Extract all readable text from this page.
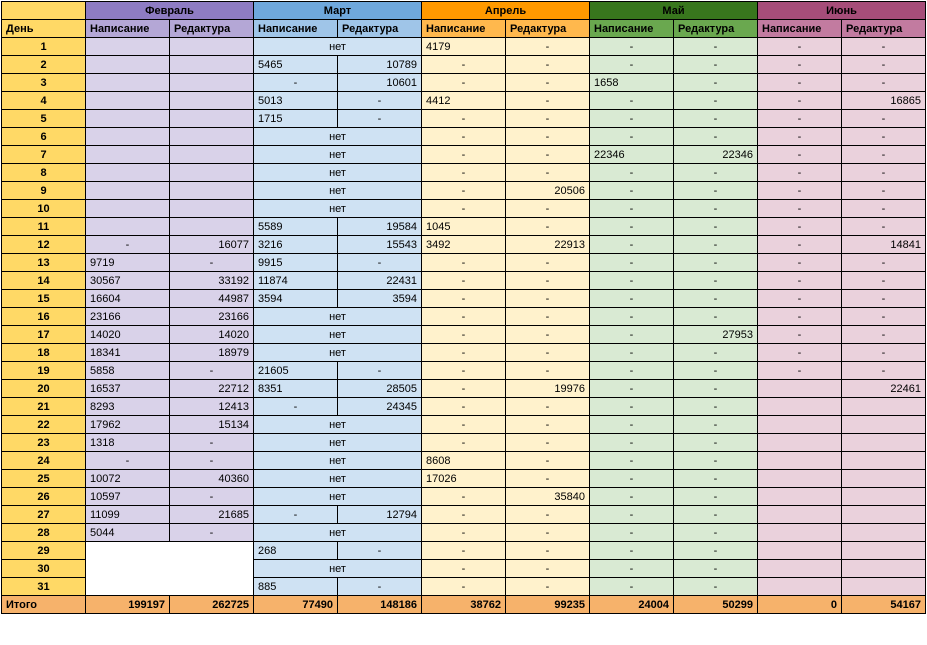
	Февраль		Март		Апрель		Май		Июнь	
День	Написание	Редактура	Написание	Редактура	Написание	Редактура	Написание	Редактура	Написание	Редактура
1			нет		4179	-	-	-	-	-
2			5465	10789	-	-	-	-	-	-
3			-	10601	-	-	1658	-	-	-
4			5013	-	4412	-	-	-	-	16865
5			1715	-	-	-	-	-	-	-
6			нет		-	-	-	-	-	-
7			нет		-	-	22346	22346	-	-
8			нет		-	-	-	-	-	-
9			нет		-	20506	-	-	-	-
10			нет		-	-	-	-	-	-
11			5589	19584	1045	-	-	-	-	-
12	-	16077	3216	15543	3492	22913	-	-	-	14841
13	9719	-	9915	-	-	-	-	-	-	-
14	30567	33192	11874	22431	-	-	-	-	-	-
15	16604	44987	3594	3594	-	-	-	-	-	-
16	23166	23166	нет		-	-	-	-	-	-
17	14020	14020	нет		-	-	-	27953	-	-
18	18341	18979	нет		-	-	-	-	-	-
19	5858	-	21605	-	-	-	-	-	-	-
20	16537	22712	8351	28505	-	19976	-	-		22461
21	8293	12413	-	24345	-	-	-	-		
22	17962	15134	нет		-	-	-	-		
23	1318	-	нет		-	-	-	-		
24	-	-	нет		8608	-	-	-		
25	10072	40360	нет		17026	-	-	-		
26	10597	-	нет		-	35840	-	-		
27	11099	21685	-	12794	-	-	-	-		
28	5044	-	нет		-	-	-	-		
29			268	-	-	-	-	-		
30			нет		-	-	-	-		
31			885	-	-	-	-	-		
Итого	199197	262725	77490	148186	38762	99235	24004	50299	0	54167
